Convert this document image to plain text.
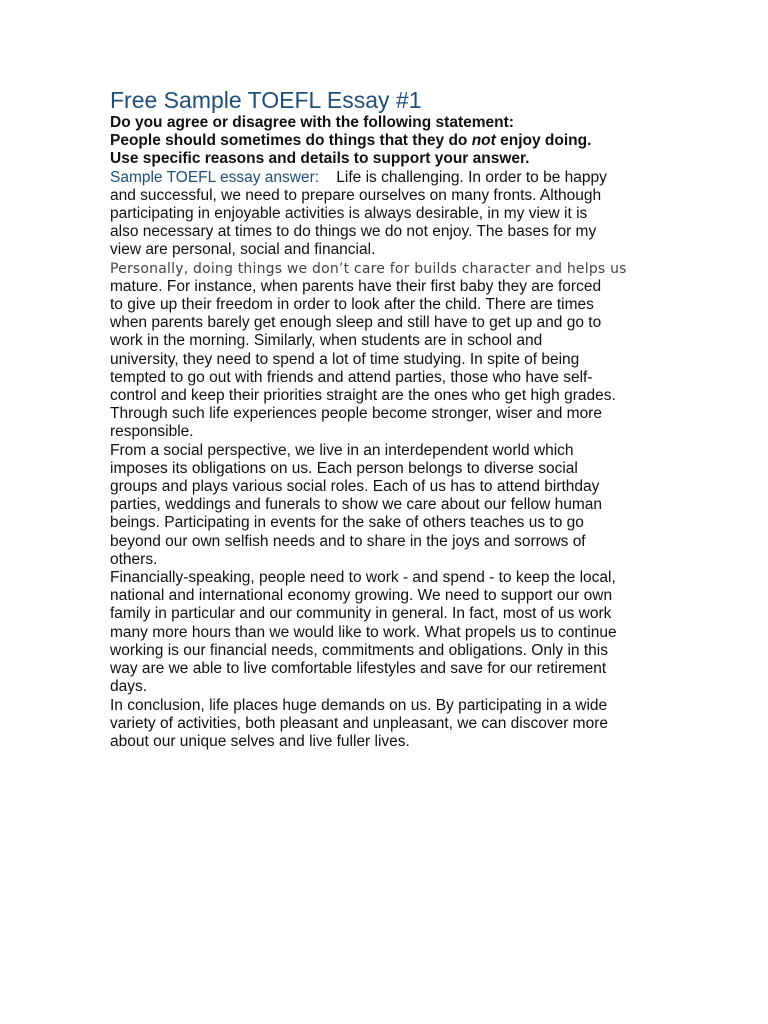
Free Sample TOEFL Essay #1

Do you agree or disagree with the following statement:

People should sometimes do things that they do not enjoy doing.

Use specific reasons and details to support your answer.

Sample TOEFL essay answer:    Life is challenging. In order to be happy
and successful, we need to prepare ourselves on many fronts. Although
participating in enjoyable activities is always desirable, in my view it is
also necessary at times to do things we do not enjoy. The bases for my
view are personal, social and financial.

Personally, doing things we don’t care for builds character and helps us
mature. For instance, when parents have their first baby they are forced
to give up their freedom in order to look after the child. There are times
when parents barely get enough sleep and still have to get up and go to
work in the morning. Similarly, when students are in school and
university, they need to spend a lot of time studying. In spite of being
tempted to go out with friends and attend parties, those who have self-
control and keep their priorities straight are the ones who get high grades.
Through such life experiences people become stronger, wiser and more
responsible.

From a social perspective, we live in an interdependent world which
imposes its obligations on us. Each person belongs to diverse social
groups and plays various social roles. Each of us has to attend birthday
parties, weddings and funerals to show we care about our fellow human
beings. Participating in events for the sake of others teaches us to go
beyond our own selfish needs and to share in the joys and sorrows of
others.

Financially-speaking, people need to work - and spend - to keep the local,
national and international economy growing. We need to support our own
family in particular and our community in general. In fact, most of us work
many more hours than we would like to work. What propels us to continue
working is our financial needs, commitments and obligations. Only in this
way are we able to live comfortable lifestyles and save for our retirement
days.

In conclusion, life places huge demands on us. By participating in a wide
variety of activities, both pleasant and unpleasant, we can discover more
about our unique selves and live fuller lives.
